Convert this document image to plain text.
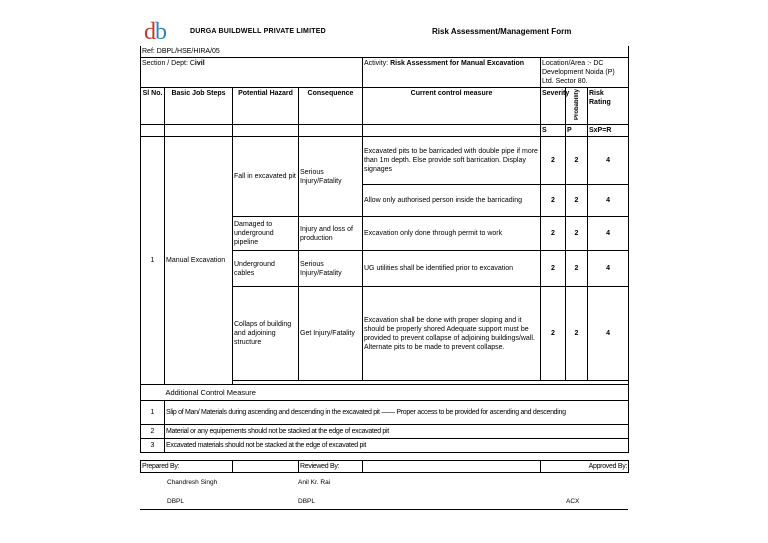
db	DURGA BUILDWELL PRIVATE LIMITED	Risk Assessment/Management Form
Ref: DBPL/HSE/HIRA/05							
Section / Dept: Civil				Activity: Risk Assessment for Manual Excavation	Location/Area :- DC Development Noida (P) Ltd. Sector 80.		
Sl No.	Basic Job Steps	Potential Hazard	Consequence	Current control measure	Severity	Probability	Risk Rating
					S	P	SxP=R
1	Manual Excavation	Fall in excavated pit	Serious Injury/Fatality	Excavated pits to be barricaded with double pipe if more than 1m depth. Else provide soft barrication. Display signages	2	2	4
				Allow only authorised person inside the barricading	2	2	4
		Damaged to underground pipeline	Injury and loss of production	Excavation only done through permit to work	2	2	4
		Underground cables	Serious Injury/Fatality	UG utilities shall be identified prior to excavation	2	2	4
		Collaps of building and adjoining structure	Get Injury/Fatality	Excavation shall be done with proper sloping and it should be properly shored Adequate support must be provided to prevent collapse of adjoining buildings/wall. Alternate pits to be made to prevent collapse.	2	2	4

	Additional Control Measure						
1	Slip of Man/ Materials during ascending and descending in the excavated pit —— Proper access to be provided for ascending and descending						
2	Material or any equipements should not be stacked at the edge of excavated pit						
3	Excavated materials should not be stacked at the edge of excavated pit						

Prepared By:			Reviewed By:		Approved By:		
Chandresh Singh	Anil Kr. Rai
DBPL	DBPL	ACX
